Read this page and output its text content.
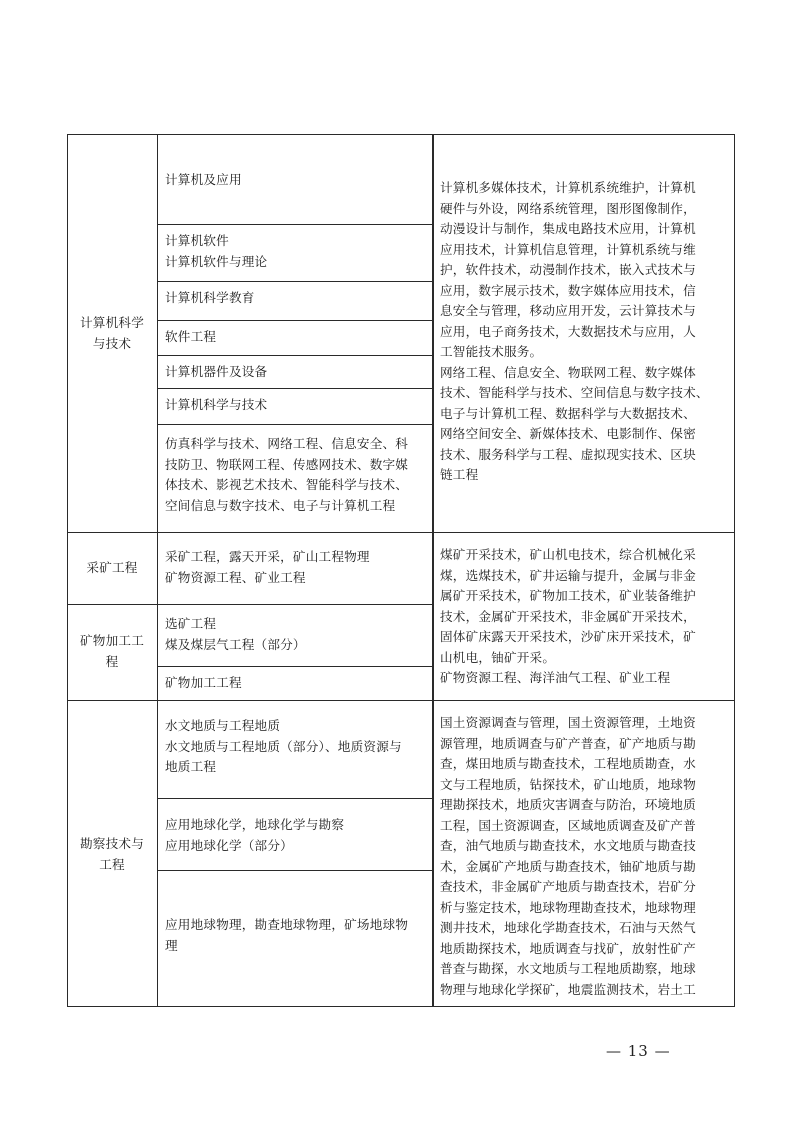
计算机科学
与技术
计算机及应用
计算机软件
计算机软件与理论
计算机科学教育
软件工程
计算机器件及设备
计算机科学与技术
仿真科学与技术、网络工程、信息安全、科
技防卫、物联网工程、传感网技术、数字媒
体技术、影视艺术技术、智能科学与技术、
空间信息与数字技术、电子与计算机工程
计算机多媒体技术，计算机系统维护，计算机
硬件与外设，网络系统管理，图形图像制作，
动漫设计与制作，集成电路技术应用，计算机
应用技术，计算机信息管理，计算机系统与维
护，软件技术，动漫制作技术，嵌入式技术与
应用，数字展示技术，数字媒体应用技术，信
息安全与管理，移动应用开发，云计算技术与
应用，电子商务技术，大数据技术与应用，人
工智能技术服务。
网络工程、信息安全、物联网工程、数字媒体
技术、智能科学与技术、空间信息与数字技术、
电子与计算机工程、数据科学与大数据技术、
网络空间安全、新媒体技术、电影制作、保密
技术、服务科学与工程、虚拟现实技术、区块
链工程
采矿工程
采矿工程，露天开采，矿山工程物理
矿物资源工程、矿业工程
煤矿开采技术，矿山机电技术，综合机械化采
煤，选煤技术，矿井运输与提升，金属与非金
属矿开采技术，矿物加工技术，矿业装备维护
技术，金属矿开采技术，非金属矿开采技术，
固体矿床露天开采技术，沙矿床开采技术，矿
山机电，铀矿开采。
矿物资源工程、海洋油气工程、矿业工程
矿物加工工
程
选矿工程
煤及煤层气工程（部分）
矿物加工工程
勘察技术与
工程
水文地质与工程地质
水文地质与工程地质（部分）、地质资源与
地质工程
应用地球化学，地球化学与勘察
应用地球化学（部分）
应用地球物理，勘查地球物理，矿场地球物
理
国土资源调查与管理，国土资源管理，土地资
源管理，地质调查与矿产普查，矿产地质与勘
查，煤田地质与勘查技术，工程地质勘查，水
文与工程地质，钻探技术，矿山地质，地球物
理勘探技术，地质灾害调查与防治，环境地质
工程，国土资源调查，区域地质调查及矿产普
查，油气地质与勘查技术，水文地质与勘查技
术，金属矿产地质与勘查技术，铀矿地质与勘
查技术，非金属矿产地质与勘查技术，岩矿分
析与鉴定技术，地球物理勘查技术，地球物理
测井技术，地球化学勘查技术，石油与天然气
地质勘探技术，地质调查与找矿，放射性矿产
普查与勘探，水文地质与工程地质勘察，地球
物理与地球化学探矿，地震监测技术，岩土工
— 13 —
